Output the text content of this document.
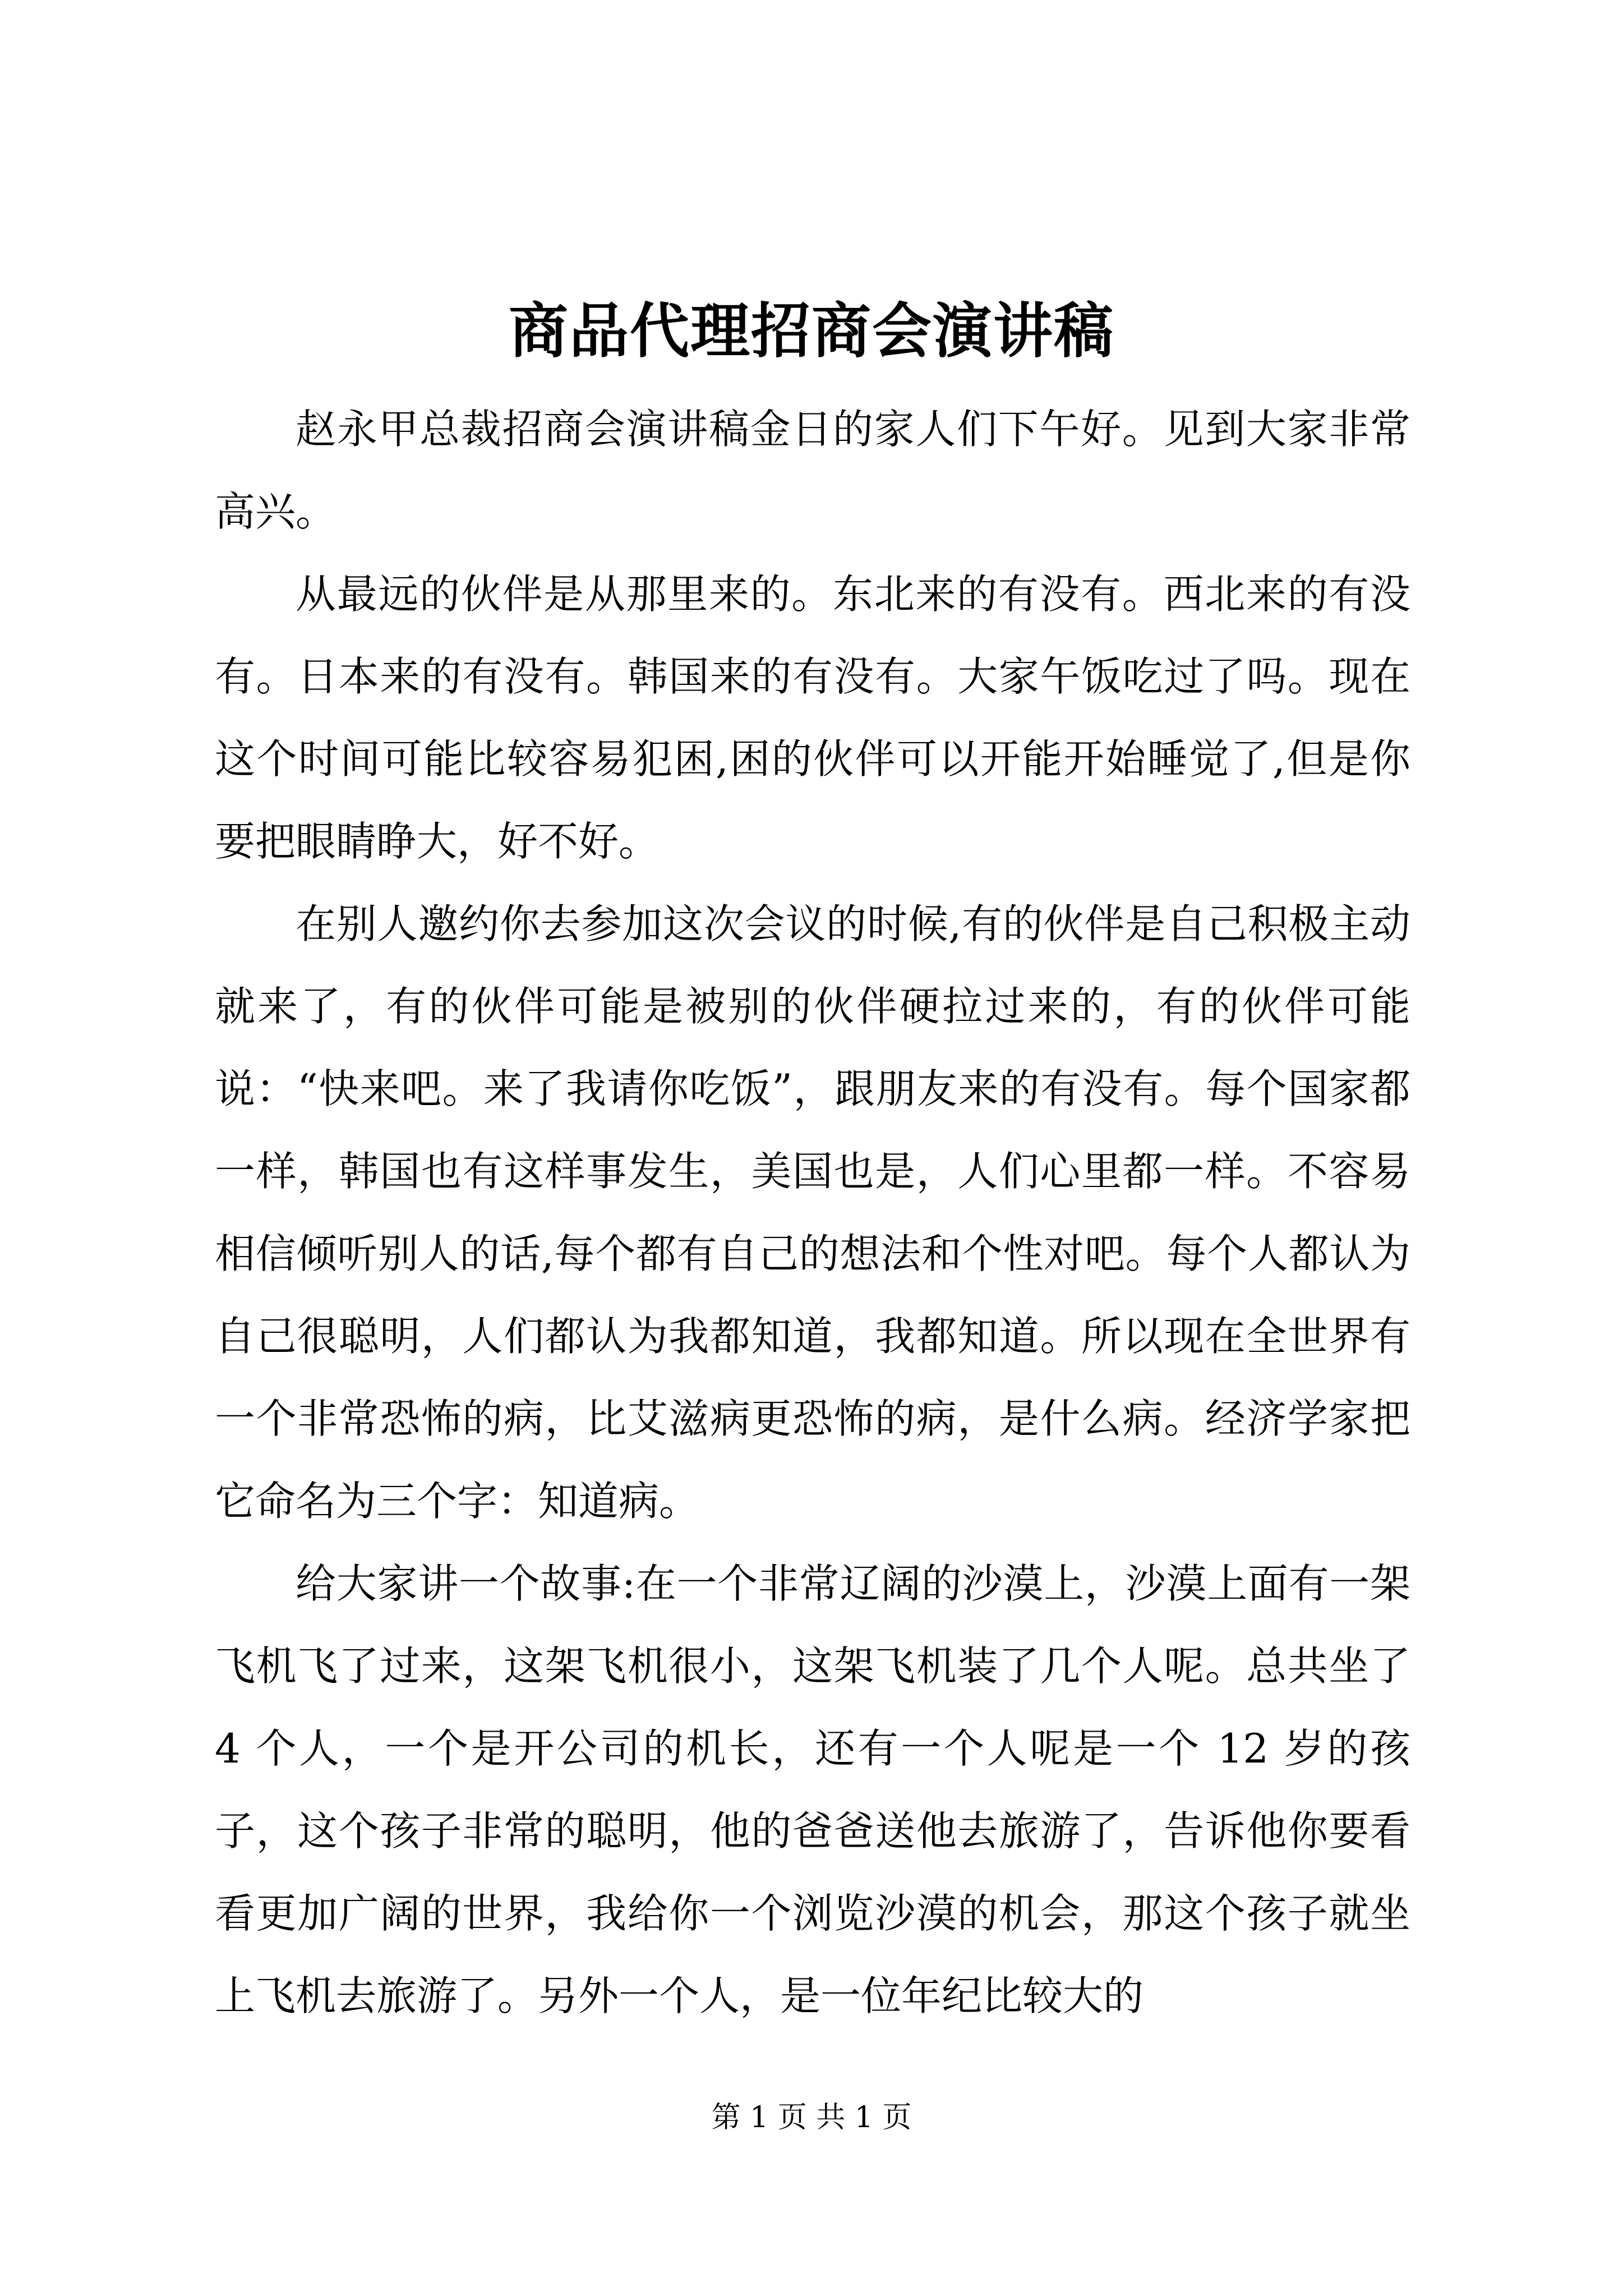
商品代理招商会演讲稿

赵永甲总裁招商会演讲稿金日的家人们下午好。见到大家非常高兴。

从最远的伙伴是从那里来的。东北来的有没有。西北来的有没有。日本来的有没有。韩国来的有没有。大家午饭吃过了吗。现在这个时间可能比较容易犯困,困的伙伴可以开能开始睡觉了,但是你要把眼睛睁大，好不好。

在别人邀约你去参加这次会议的时候,有的伙伴是自己积极主动就来了，有的伙伴可能是被别的伙伴硬拉过来的，有的伙伴可能说：“快来吧。来了我请你吃饭”，跟朋友来的有没有。每个国家都一样，韩国也有这样事发生，美国也是，人们心里都一样。不容易相信倾听别人的话,每个都有自己的想法和个性对吧。每个人都认为自己很聪明，人们都认为我都知道，我都知道。所以现在全世界有一个非常恐怖的病，比艾滋病更恐怖的病，是什么病。经济学家把它命名为三个字：知道病。

给大家讲一个故事:在一个非常辽阔的沙漠上，沙漠上面有一架飞机飞了过来，这架飞机很小，这架飞机装了几个人呢。总共坐了 4 个人，一个是开公司的机长，还有一个人呢是一个 12 岁的孩子，这个孩子非常的聪明，他的爸爸送他去旅游了，告诉他你要看看更加广阔的世界，我给你一个浏览沙漠的机会，那这个孩子就坐上飞机去旅游了。另外一个人，是一位年纪比较大的

第 1 页 共 1 页
